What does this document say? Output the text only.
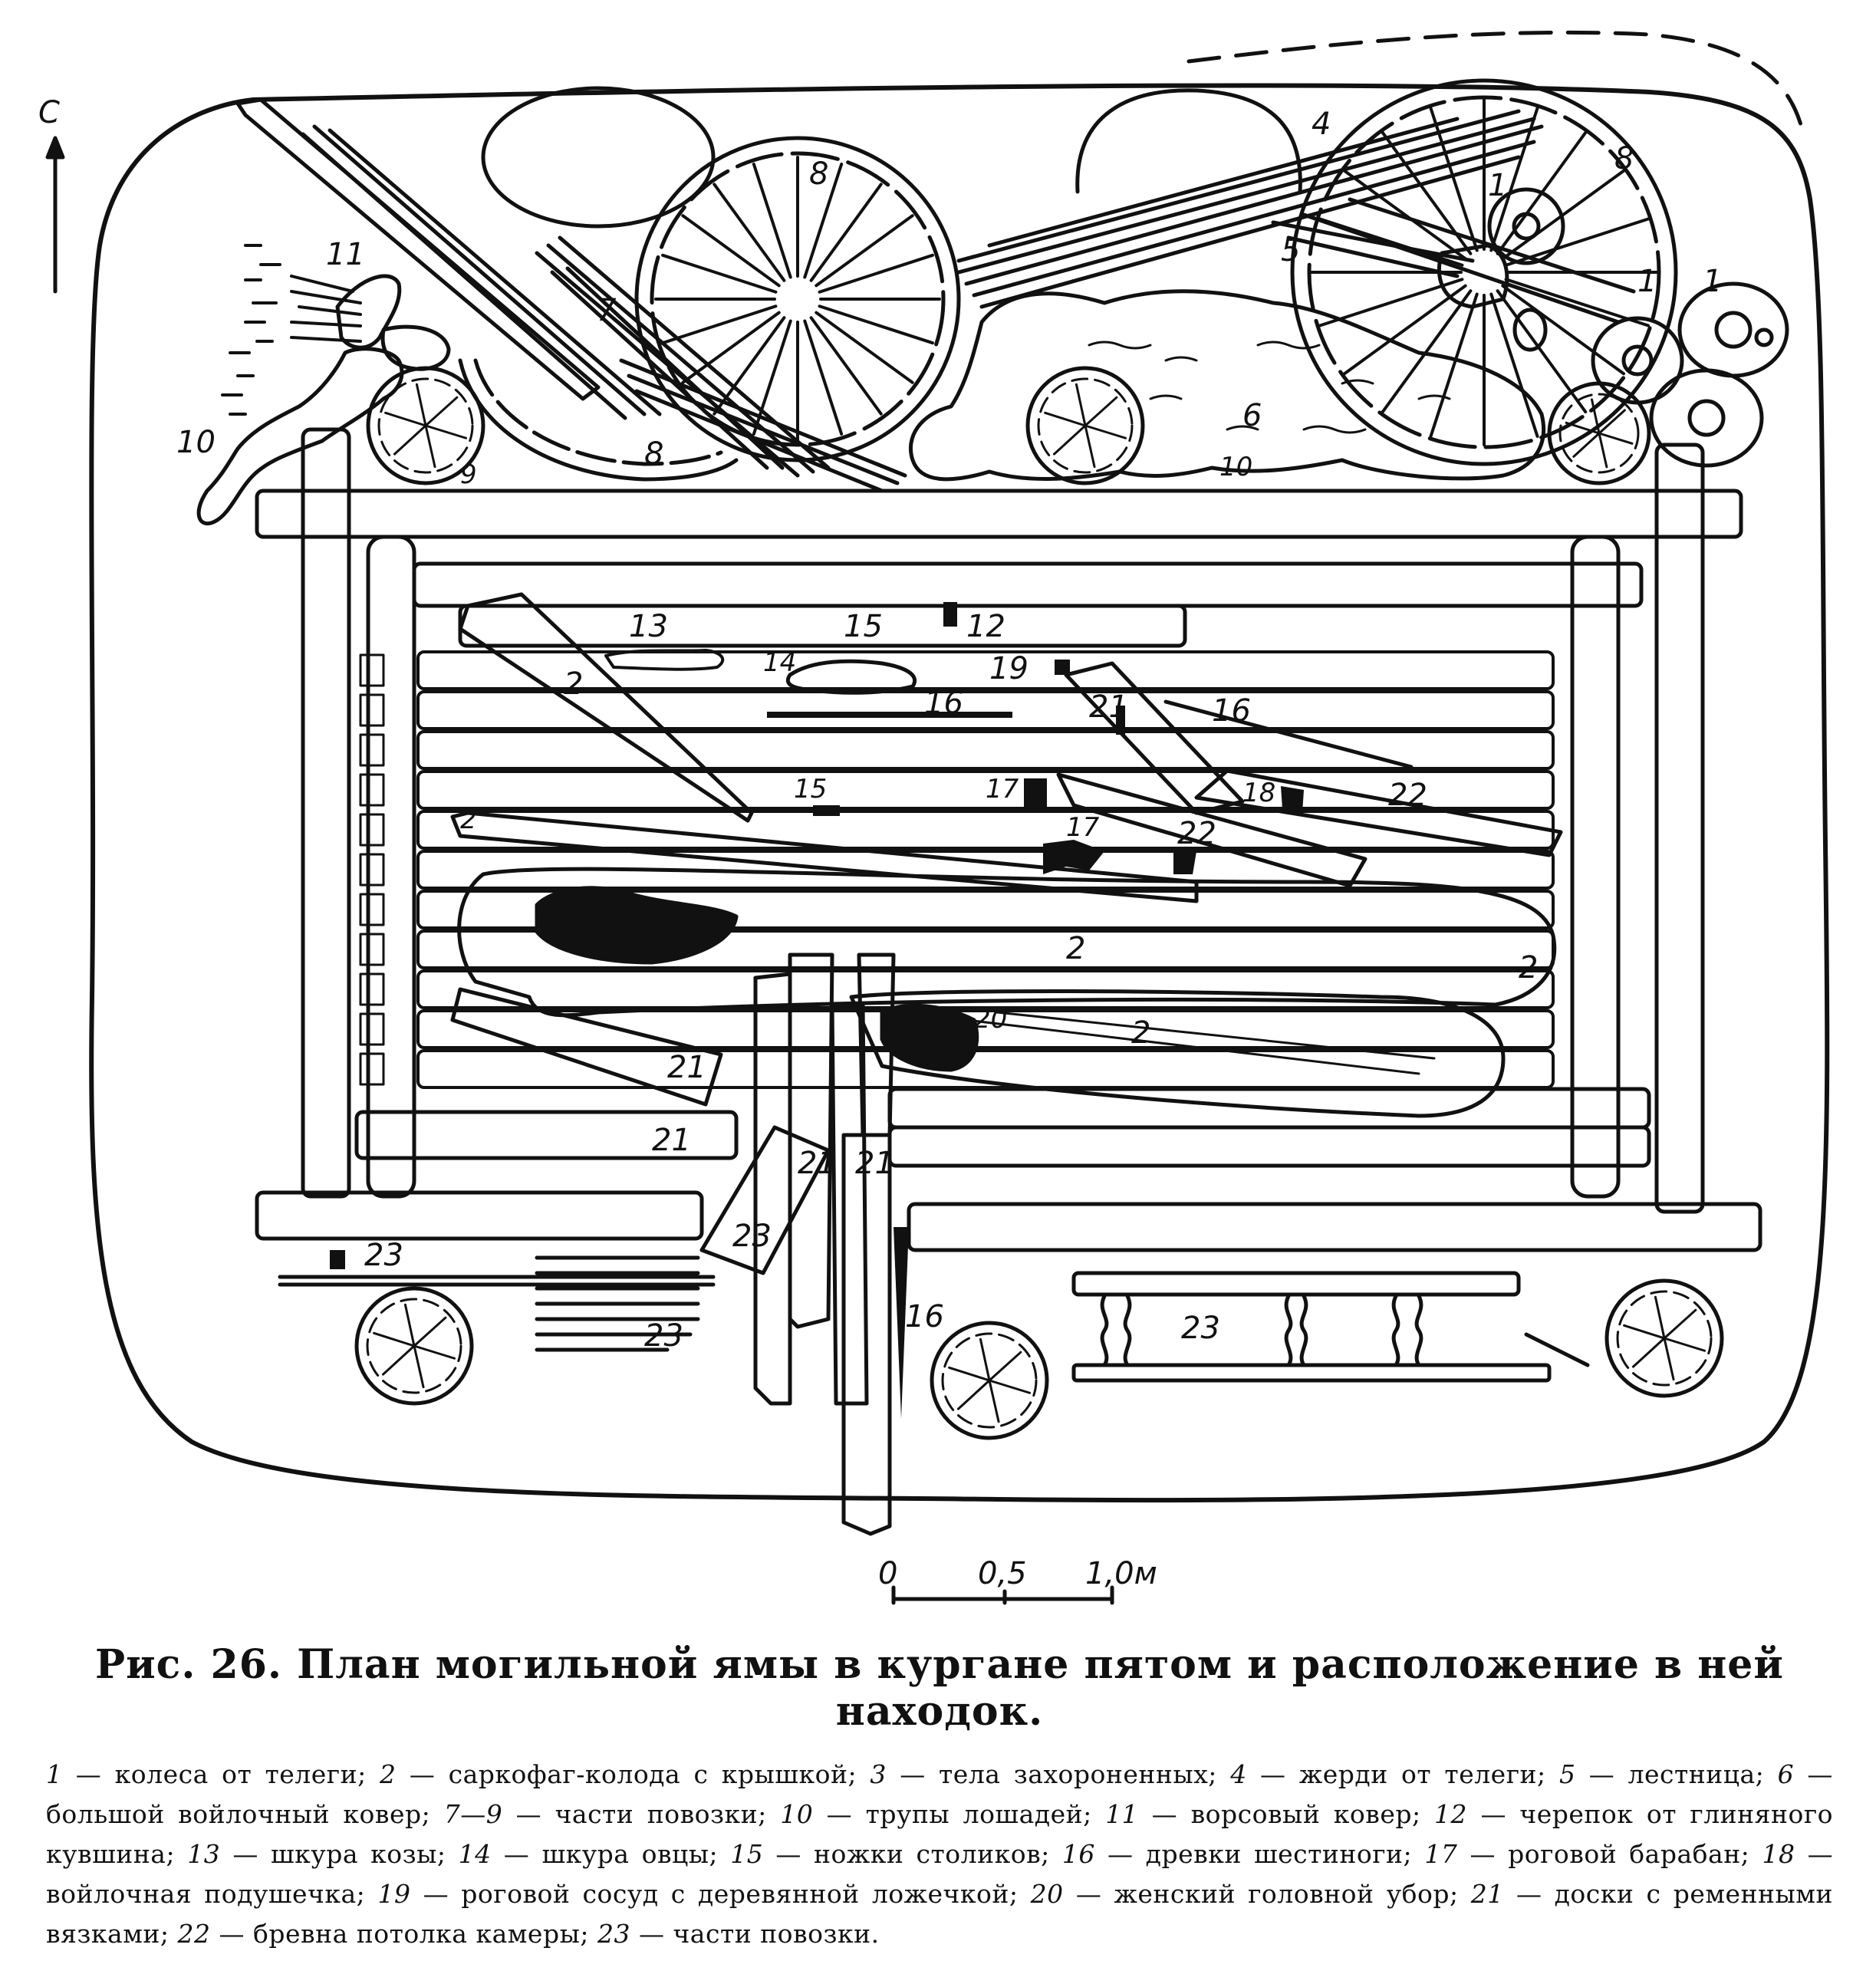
С
0	0,5 1,0м
1
1
1
2
2
2
2
2
3
4
5
6
7
8	8
8
9
10
10
11
12
13
14
15
15
16	16
16
17
17
18
19
20
21
21
21
21 21
22
22
23
23
23
23
Рис. 26. План могильной ямы в кургане пятом и расположение в ней находок.
1 — колеса от телеги; 2 — саркофаг-колода с крышкой; 3 — тела захороненных; 4 — жерди от телеги; 5 — лестница; 6 — большой войлочный ковер; 7—9 — части повозки; 10 — трупы лошадей; 11 — ворсовый ковер; 12 — черепок от глиняного кувшина; 13 — шкура козы; 14 — шкура овцы; 15 — ножки столиков; 16 — древки шестиноги; 17 — роговой барабан; 18 — войлочная подушечка; 19 — роговой сосуд с деревянной ложечкой; 20 — женский головной убор; 21 — доски с ременными вязками; 22 — бревна потолка камеры; 23 — части повозки.
